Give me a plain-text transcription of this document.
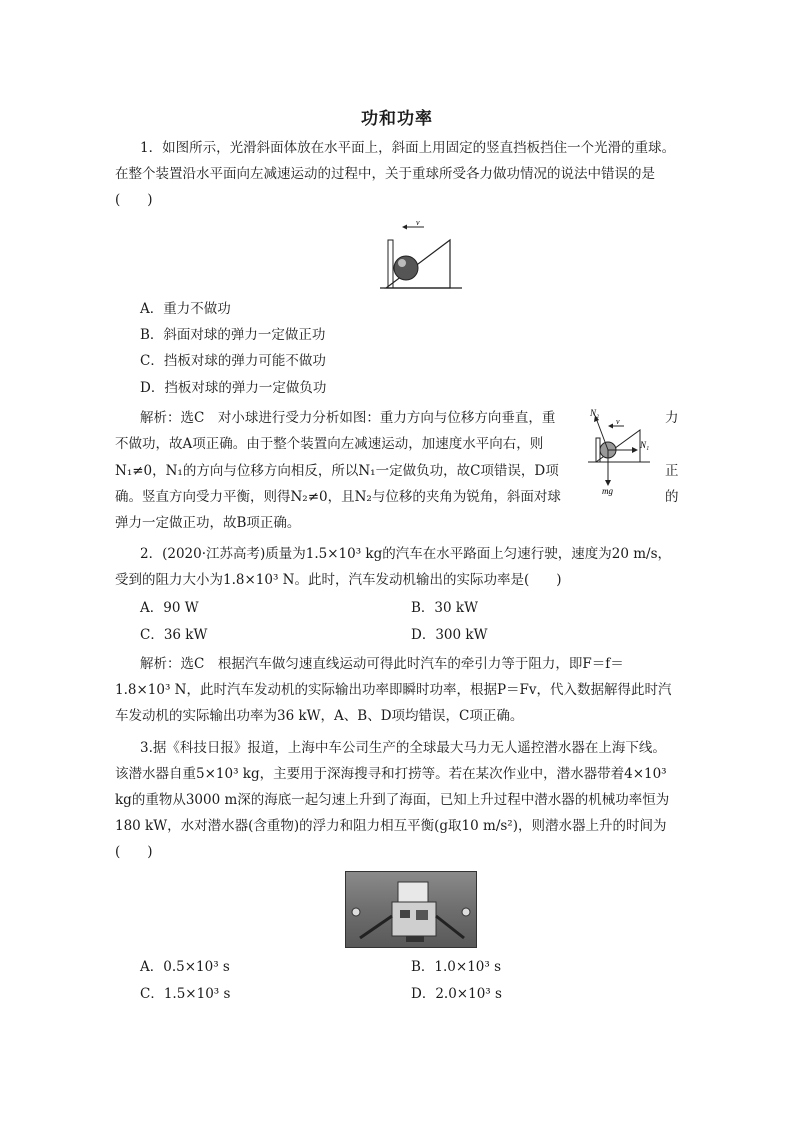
功和功率
1．如图所示，光滑斜面体放在水平面上，斜面上用固定的竖直挡板挡住一个光滑的重球。
在整个装置沿水平面向左减速运动的过程中，关于重球所受各力做功情况的说法中错误的是
(　　)
v
A．重力不做功
B．斜面对球的弹力一定做正功
C．挡板对球的弹力可能不做功
D．挡板对球的弹力一定做负功
解析：选C　对小球进行受力分析如图：重力方向与位移方向垂直，重
不做功，故A项正确。由于整个装置向左减速运动，加速度水平向右，则
N₁≠0，N₁的方向与位移方向相反，所以N₁一定做负功，故C项错误，D项
确。竖直方向受力平衡，则得N₂≠0，且N₂与位移的夹角为锐角，斜面对球
弹力一定做正功，故B项正确。
力
正
的
N₂
v
N₁
mg
2．(2020·江苏高考)质量为1.5×10³ kg的汽车在水平路面上匀速行驶，速度为20 m/s，
受到的阻力大小为1.8×10³ N。此时，汽车发动机输出的实际功率是(　　)
A．90 W	B．30 kW
C．36 kW	D．300 kW
解析：选C　根据汽车做匀速直线运动可得此时汽车的牵引力等于阻力，即F＝f＝
1.8×10³ N，此时汽车发动机的实际输出功率即瞬时功率，根据P＝Fv，代入数据解得此时汽
车发动机的实际输出功率为36 kW，A、B、D项均错误，C项正确。
3.据《科技日报》报道，上海中车公司生产的全球最大马力无人遥控潜水器在上海下线。
该潜水器自重5×10³ kg，主要用于深海搜寻和打捞等。若在某次作业中，潜水器带着4×10³
kg的重物从3000 m深的海底一起匀速上升到了海面，已知上升过程中潜水器的机械功率恒为
180 kW，水对潜水器(含重物)的浮力和阻力相互平衡(g取10 m/s²)，则潜水器上升的时间为
(　　)
A．0.5×10³ s	B．1.0×10³ s
C．1.5×10³ s	D．2.0×10³ s
